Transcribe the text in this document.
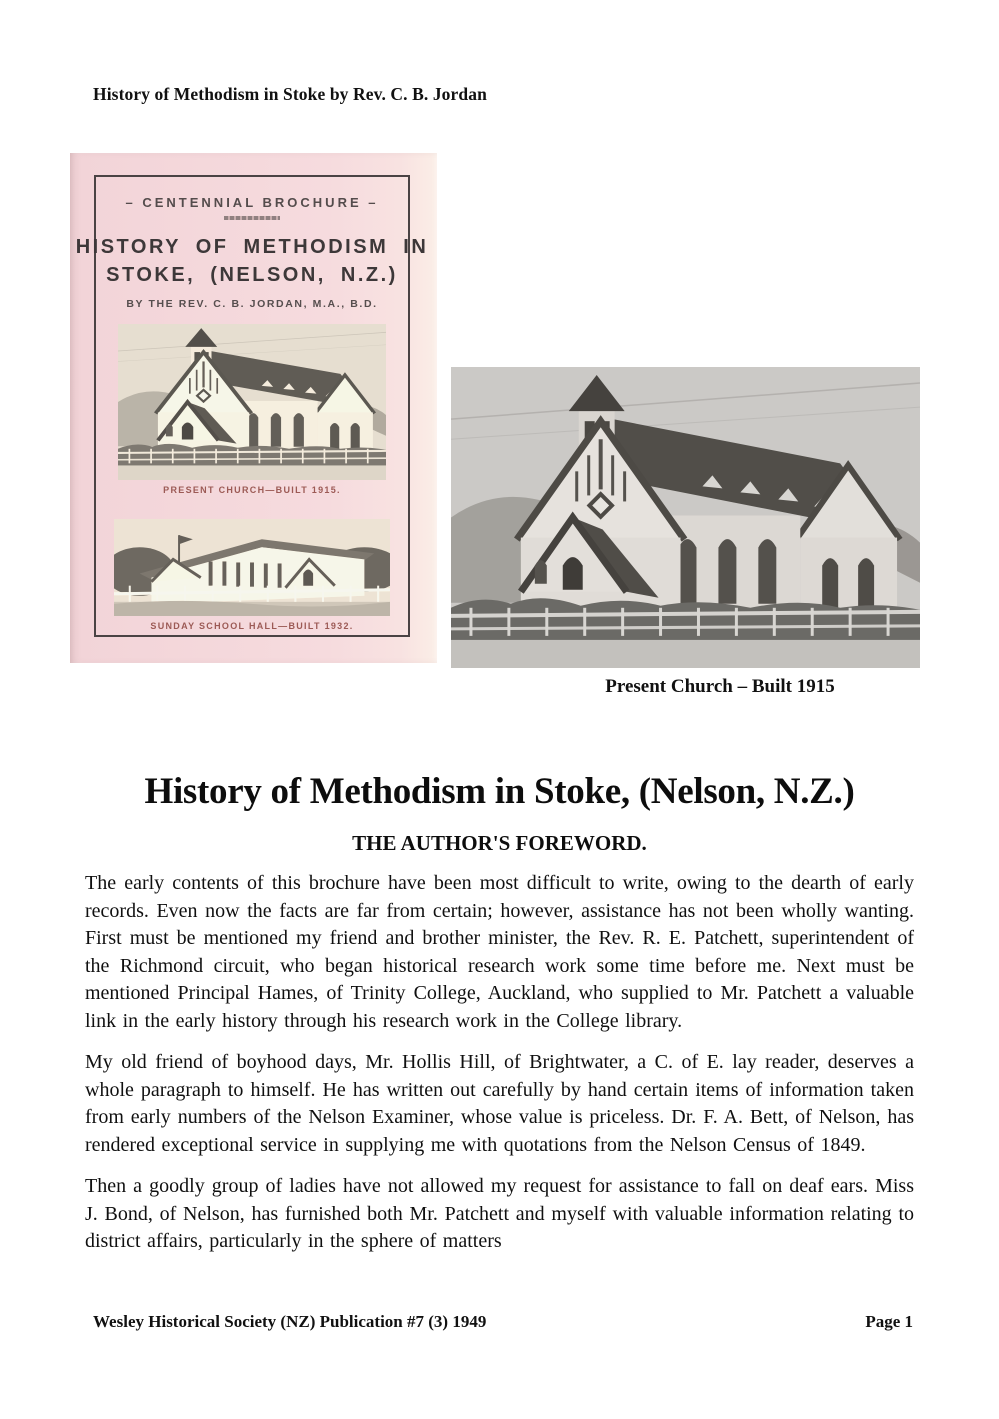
History of Methodism in Stoke by Rev. C. B. Jordan
– CENTENNIAL BROCHURE –
HISTORY OF METHODISM IN
STOKE, (NELSON, N.Z.)
BY THE REV. C. B. JORDAN, M.A., B.D.
PRESENT CHURCH—BUILT 1915.
SUNDAY SCHOOL HALL—BUILT 1932.
Present Church – Built 1915
History of Methodism in Stoke, (Nelson, N.Z.)
THE AUTHOR'S FOREWORD.

The early contents of this brochure have been most difficult to write, owing to the dearth of early records. Even now the facts are far from certain; however, assistance has not been wholly wanting. First must be mentioned my friend and brother minister, the Rev. R. E. Patchett, superintendent of the Richmond circuit, who began historical research work some time before me. Next must be mentioned Principal Hames, of Trinity College, Auckland, who supplied to Mr. Patchett a valuable link in the early history through his research work in the College library.

My old friend of boyhood days, Mr. Hollis Hill, of Brightwater, a C. of E. lay reader, deserves a whole paragraph to himself. He has written out carefully by hand certain items of information taken from early numbers of the Nelson Examiner, whose value is priceless. Dr. F. A. Bett, of Nelson, has rendered exceptional service in supplying me with quotations from the Nelson Census of 1849.

Then a goodly group of ladies have not allowed my request for assistance to fall on deaf ears. Miss J. Bond, of Nelson, has furnished both Mr. Patchett and myself with valuable information relating to district affairs, particularly in the sphere of matters

Wesley Historical Society (NZ) Publication #7 (3) 1949	Page 1
